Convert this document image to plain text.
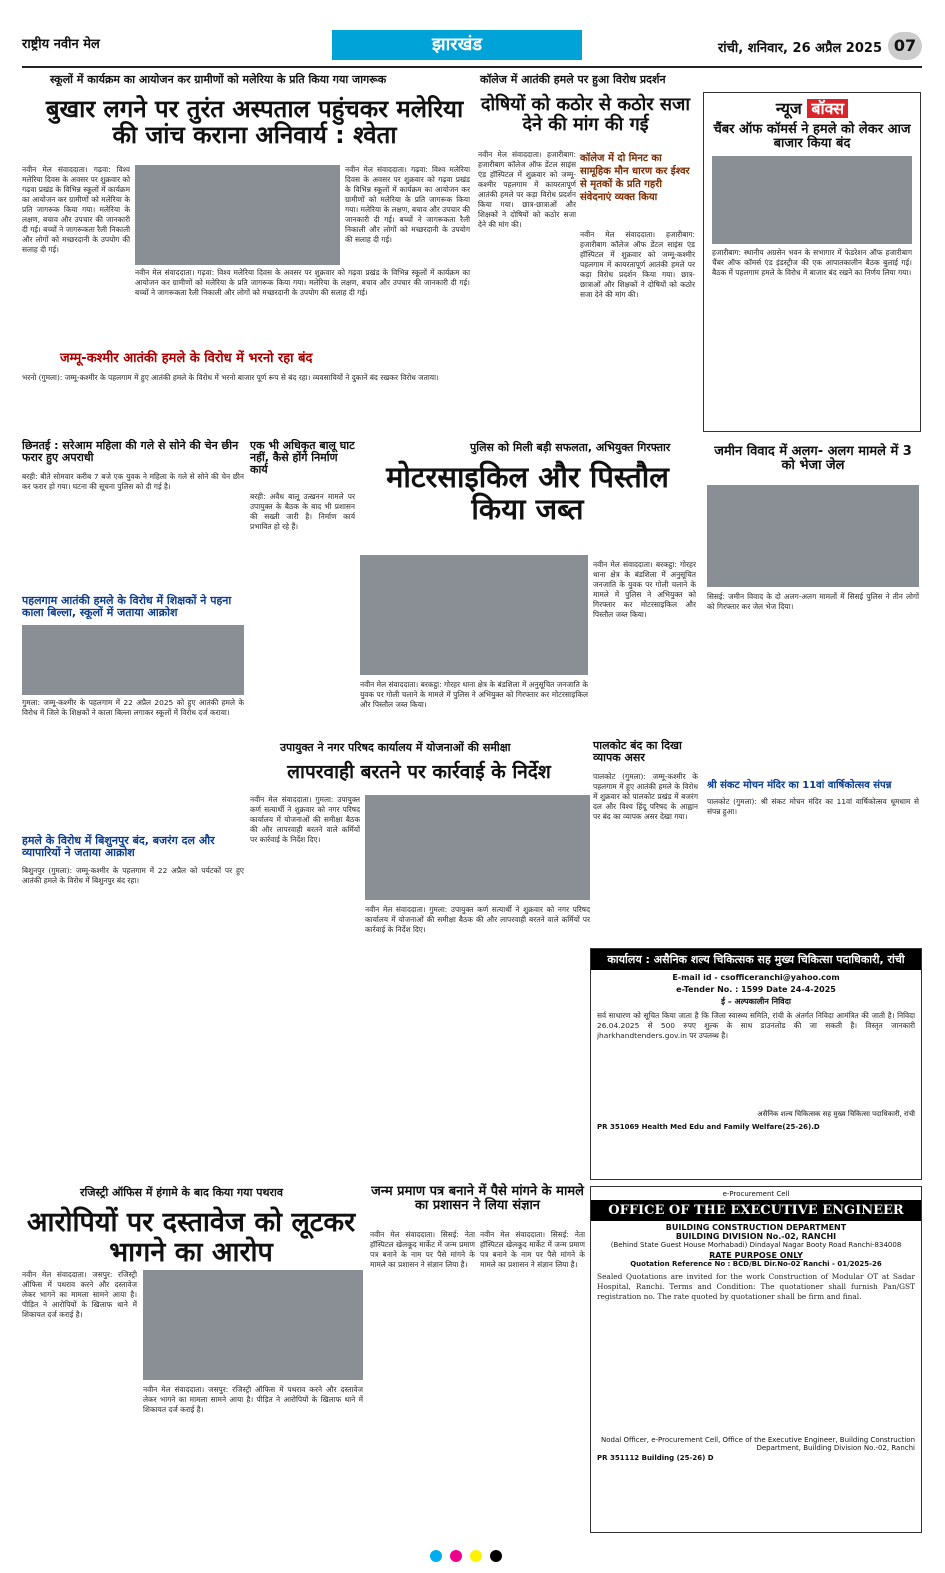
राष्ट्रीय नवीन मेल	झारखंड	रांची, शनिवार, 26 अप्रैल 2025 07
स्कूलों में कार्यक्रम का आयोजन कर ग्रामीणों को मलेरिया के प्रति किया गया जागरूक
बुखार लगने पर तुरंत अस्पताल पहुंचकर मलेरिया की जांच कराना अनिवार्य : श्वेता
नवीन मेल संवाददाता। गढ़वा: विश्व मलेरिया दिवस के अवसर पर शुक्रवार को गढ़वा प्रखंड के विभिन्न स्कूलों में कार्यक्रम का आयोजन कर ग्रामीणों को मलेरिया के प्रति जागरूक किया गया। मलेरिया के लक्षण, बचाव और उपचार की जानकारी दी गई। बच्चों ने जागरूकता रैली निकाली और लोगों को मच्छरदानी के उपयोग की सलाह दी गई।
नवीन मेल संवाददाता। गढ़वा: विश्व मलेरिया दिवस के अवसर पर शुक्रवार को गढ़वा प्रखंड के विभिन्न स्कूलों में कार्यक्रम का आयोजन कर ग्रामीणों को मलेरिया के प्रति जागरूक किया गया। मलेरिया के लक्षण, बचाव और उपचार की जानकारी दी गई। बच्चों ने जागरूकता रैली निकाली और लोगों को मच्छरदानी के उपयोग की सलाह दी गई।
नवीन मेल संवाददाता। गढ़वा: विश्व मलेरिया दिवस के अवसर पर शुक्रवार को गढ़वा प्रखंड के विभिन्न स्कूलों में कार्यक्रम का आयोजन कर ग्रामीणों को मलेरिया के प्रति जागरूक किया गया। मलेरिया के लक्षण, बचाव और उपचार की जानकारी दी गई। बच्चों ने जागरूकता रैली निकाली और लोगों को मच्छरदानी के उपयोग की सलाह दी गई।
कॉलेज में आतंकी हमले पर हुआ विरोध प्रदर्शन
दोषियों को कठोर से कठोर सजा देने की मांग की गई
कॉलेज में दो मिनट का सामूहिक मौन धारण कर ईश्वर से मृतकों के प्रति गहरी संवेदनाएं व्यक्त किया
नवीन मेल संवाददाता। हजारीबाग: हजारीबाग कॉलेज ऑफ डेंटल साइंस एंड हॉस्पिटल में शुक्रवार को जम्मू-कश्मीर पहलगाम में कायरतापूर्ण आतंकी हमले पर कड़ा विरोध प्रदर्शन किया गया। छात्र-छात्राओं और शिक्षकों ने दोषियों को कठोर सजा देने की मांग की।
नवीन मेल संवाददाता। हजारीबाग: हजारीबाग कॉलेज ऑफ डेंटल साइंस एंड हॉस्पिटल में शुक्रवार को जम्मू-कश्मीर पहलगाम में कायरतापूर्ण आतंकी हमले पर कड़ा विरोध प्रदर्शन किया गया। छात्र-छात्राओं और शिक्षकों ने दोषियों को कठोर सजा देने की मांग की।
न्यूज बॉक्स
चैंबर ऑफ कॉमर्स ने हमले को लेकर आज बाजार किया बंद
हजारीबाग: स्थानीय अग्रसेन भवन के सभागार में फेडरेशन ऑफ हजारीबाग चैंबर ऑफ कॉमर्स एंड इंडस्ट्रीज की एक आपातकालीन बैठक बुलाई गई। बैठक में पहलगाम हमले के विरोध में बाजार बंद रखने का निर्णय लिया गया।
जम्मू-कश्मीर आतंकी हमले के विरोध में भरनो रहा बंद
भरनो (गुमला): जम्मू-कश्मीर के पहलगाम में हुए आतंकी हमले के विरोध में भरनो बाजार पूर्ण रूप से बंद रहा। व्यवसायियों ने दुकानें बंद रखकर विरोध जताया।
छिनतई : सरेआम महिला की गले से सोने की चेन छीन फरार हुए अपराधी
बरही: बीते सोमवार करीब 7 बजे एक युवक ने महिला के गले से सोने की चेन छीन कर फरार हो गया। घटना की सूचना पुलिस को दी गई है।
पहलगाम आतंकी हमले के विरोध में शिक्षकों ने पहना काला बिल्ला, स्कूलों में जताया आक्रोश
गुमला: जम्मू-कश्मीर के पहलगाम में 22 अप्रैल 2025 को हुए आतंकी हमले के विरोध में जिले के शिक्षकों ने काला बिल्ला लगाकर स्कूलों में विरोध दर्ज कराया।
हमले के विरोध में बिशुनपुर बंद, बजरंग दल और व्यापारियों ने जताया आक्रोश
बिशुनपुर (गुमला): जम्मू-कश्मीर के पहलगाम में 22 अप्रैल को पर्यटकों पर हुए आतंकी हमले के विरोध में बिशुनपुर बंद रहा।
एक भी अधिकृत बालू घाट नहीं, कैसे होंगे निर्माण कार्य
बरही: अवैध बालू उत्खनन मामले पर उपायुक्त के बैठक के बाद भी प्रशासन की सख्ती जारी है। निर्माण कार्य प्रभावित हो रहे हैं।
पुलिस को मिली बड़ी सफलता, अभियुक्त गिरफ्तार
मोटरसाइकिल और पिस्तौल किया जब्त
नवीन मेल संवाददाता। बरकट्ठा: गोरहर थाना क्षेत्र के बंडशिला में अनुसूचित जनजाति के युवक पर गोली चलाने के मामले में पुलिस ने अभियुक्त को गिरफ्तार कर मोटरसाइकिल और पिस्तौल जब्त किया।
नवीन मेल संवाददाता। बरकट्ठा: गोरहर थाना क्षेत्र के बंडशिला में अनुसूचित जनजाति के युवक पर गोली चलाने के मामले में पुलिस ने अभियुक्त को गिरफ्तार कर मोटरसाइकिल और पिस्तौल जब्त किया।
जमीन विवाद में अलग- अलग मामले में 3 को भेजा जेल
सिसई: जमीन विवाद के दो अलग-अलग मामलों में सिसई पुलिस ने तीन लोगों को गिरफ्तार कर जेल भेज दिया।
उपायुक्त ने नगर परिषद कार्यालय में योजनाओं की समीक्षा
लापरवाही बरतने पर कार्रवाई के निर्देश
नवीन मेल संवाददाता। गुमला: उपायुक्त कर्ण सत्यार्थी ने शुक्रवार को नगर परिषद कार्यालय में योजनाओं की समीक्षा बैठक की और लापरवाही बरतने वाले कर्मियों पर कार्रवाई के निर्देश दिए।
नवीन मेल संवाददाता। गुमला: उपायुक्त कर्ण सत्यार्थी ने शुक्रवार को नगर परिषद कार्यालय में योजनाओं की समीक्षा बैठक की और लापरवाही बरतने वाले कर्मियों पर कार्रवाई के निर्देश दिए।
पालकोट बंद का दिखा व्यापक असर
पालकोट (गुमला): जम्मू-कश्मीर के पहलगाम में हुए आतंकी हमले के विरोध में शुक्रवार को पालकोट प्रखंड में बजरंग दल और विश्व हिंदू परिषद के आह्वान पर बंद का व्यापक असर देखा गया।
श्री संकट मोचन मंदिर का 11वां वार्षिकोत्सव संपन्न
पालकोट (गुमला): श्री संकट मोचन मंदिर का 11वां वार्षिकोत्सव धूमधाम से संपन्न हुआ।
कार्यालय : असैनिक शल्य चिकित्सक सह मुख्य चिकित्सा पदाधिकारी, रांची
E-mail id - csofficeranchi@yahoo.com
e-Tender No. : 1599 Date 24-4-2025
ई – अल्पकालीन निविदा
सर्व साधारण को सूचित किया जाता है कि जिला स्वास्थ्य समिति, रांची के अंतर्गत निविदा आमंत्रित की जाती है। निविदा 26.04.2025 से 500 रुपए शुल्क के साथ डाउनलोड की जा सकती है। विस्तृत जानकारी jharkhandtenders.gov.in पर उपलब्ध है।
असैनिक शल्य चिकित्सक सह मुख्य चिकित्सा पदाधिकारी, रांची
PR 351069 Health Med Edu and Family Welfare(25-26).D
रजिस्ट्री ऑफिस में हंगामे के बाद किया गया पथराव
आरोपियों पर दस्तावेज को लूटकर भागने का आरोप
नवीन मेल संवाददाता। जसपुर: रजिस्ट्री ऑफिस में पथराव करने और दस्तावेज लेकर भागने का मामला सामने आया है। पीड़ित ने आरोपियों के खिलाफ थाने में शिकायत दर्ज कराई है।
नवीन मेल संवाददाता। जसपुर: रजिस्ट्री ऑफिस में पथराव करने और दस्तावेज लेकर भागने का मामला सामने आया है। पीड़ित ने आरोपियों के खिलाफ थाने में शिकायत दर्ज कराई है।
जन्म प्रमाण पत्र बनाने में पैसे मांगने के मामले का प्रशासन ने लिया संज्ञान
नवीन मेल संवाददाता। सिसई: नेता हॉस्पिटल खेलकूद मार्केट में जन्म प्रमाण पत्र बनाने के नाम पर पैसे मांगने के मामले का प्रशासन ने संज्ञान लिया है।
नवीन मेल संवाददाता। सिसई: नेता हॉस्पिटल खेलकूद मार्केट में जन्म प्रमाण पत्र बनाने के नाम पर पैसे मांगने के मामले का प्रशासन ने संज्ञान लिया है।
e-Procurement Cell
OFFICE OF THE EXECUTIVE ENGINEER
BUILDING CONSTRUCTION DEPARTMENT
BUILDING DIVISION No.-02, RANCHI
(Behind State Guest House Morhabadi) Dindayal Nagar Booty Road Ranchi-834008
RATE PURPOSE ONLY
Quotation Reference No : BCD/BL Dir.No-02 Ranchi - 01/2025-26
Sealed Quotations are invited for the work Construction of Modular OT at Sadar Hospital, Ranchi. Terms and Condition: The quotationer shall furnish Pan/GST registration no. The rate quoted by quotationer shall be firm and final.
Nodal Officer, e-Procurement Cell, Office of the Executive Engineer, Building Construction Department, Building Division No.-02, Ranchi
PR 351112 Building (25-26) D
